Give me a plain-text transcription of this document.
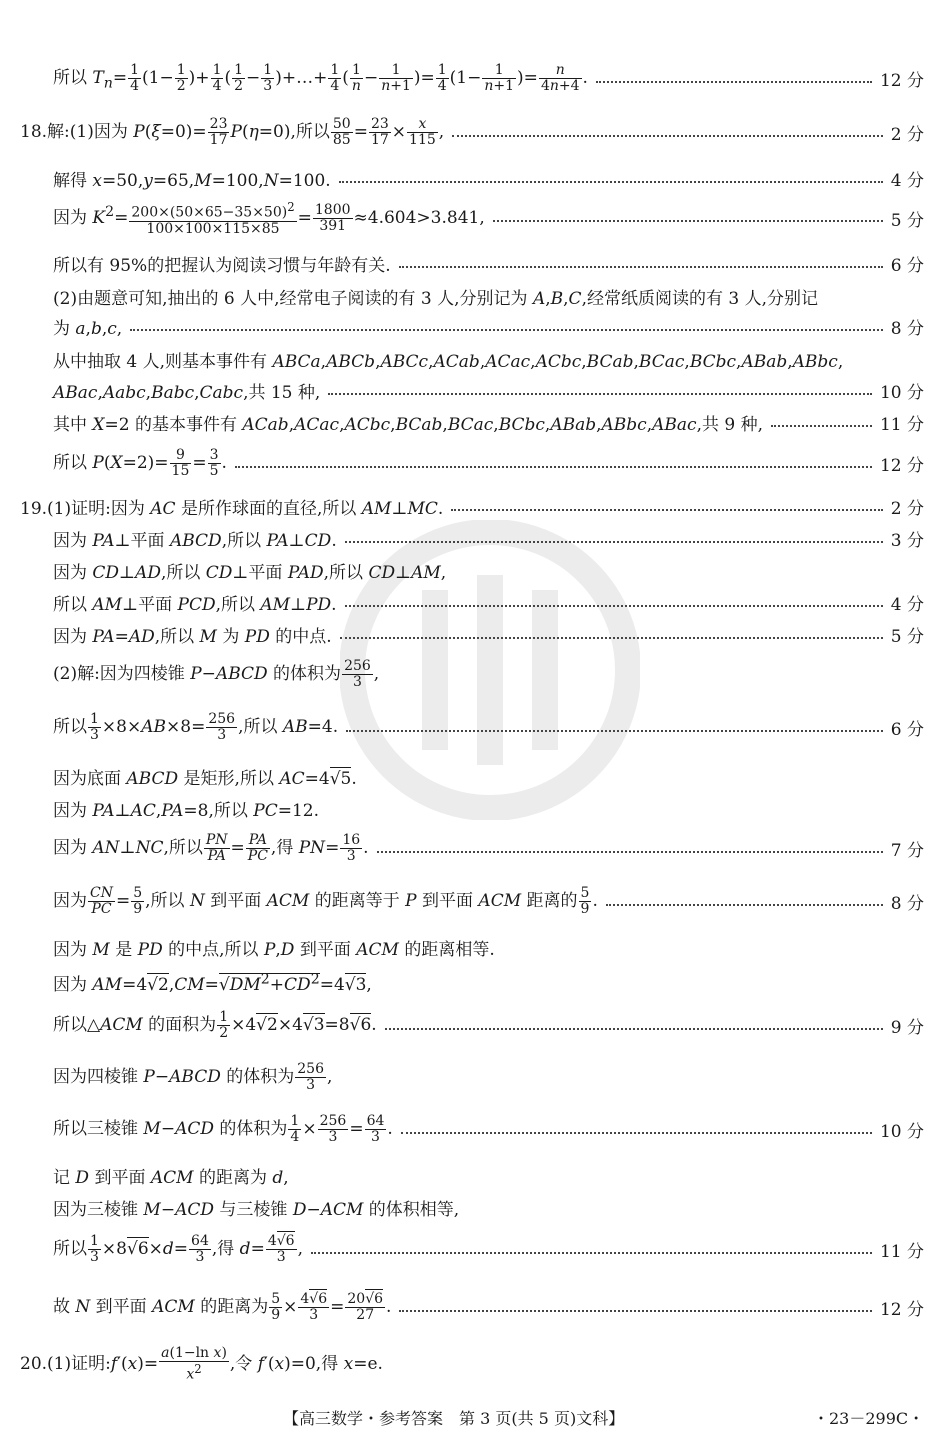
所以 $T_n= \frac{1}{4} (1- \frac{1}{2}$ )+ $\frac{1}{4}$ ( $\frac{1}{2} - \frac{1}{3}$ )+…+ $\frac{1}{4}$ ( $\frac{1}{n} - \frac{1}{n+1}$ )= $\frac{1}{4} (1- \frac{1}{n+1}$ )= $\frac{n}{4n+4}$ .	12 分
18.解:(1)因为 $P(\xi=0)= \frac{23}{17} P(\eta=0)$,所以 $\frac{50}{85} = \frac{23}{17} \times \frac{x}{115}$ ,	2 分
解得 x=50,y=65,M=100,N=100.	4 分
因为 $K^2= \frac{200\times(50\times 65-35\times 50)^2}{100\times 100\times 115\times 85} = \frac{1800}{391} \approx 4.604>3.841$,	5 分
所以有 95%的把握认为阅读习惯与年龄有关.	6 分
(2)由题意可知,抽出的 6 人中,经常电子阅读的有 3 人,分别记为 A,B,C,经常纸质阅读的有 3 人,分别记
为 a,b,c,	8 分
从中抽取 4 人,则基本事件有 ABCa,ABCb,ABCc,ACab,ACac,ACbc,BCab,BCac,BCbc,ABab,ABbc,
ABac,Aabc,Babc,Cabc,共 15 种,	10 分
其中 X=2 的基本事件有 ACab,ACac,ACbc,BCab,BCac,BCbc,ABab,ABbc,ABac,共 9 种,	11 分
所以 $P(X=2)= \frac{9}{15} = \frac{3}{5}$ .	12 分
19.(1)证明:因为 AC 是所作球面的直径,所以 AM⊥MC.	2 分
因为 PA⊥平面 ABCD,所以 PA⊥CD.	3 分
因为 CD⊥AD,所以 CD⊥平面 PAD,所以 CD⊥AM,
所以 AM⊥平面 PCD,所以 AM⊥PD.	4 分
因为 PA=AD,所以 M 为 PD 的中点.	5 分
(2)解:因为四棱锥 P−ABCD 的体积为 $\frac{256}{3}$ ,
所以 $\frac{1}{3} \times 8\times AB\times 8= \frac{256}{3}$ ,所以 AB=4.	6 分
因为底面 ABCD 是矩形,所以 AC=4√5.
因为 PA⊥AC,PA=8,所以 PC=12.
因为 AN⊥NC,所以 $\frac{PN}{PA} = \frac{PA}{PC}$ ,得 $PN= \frac{16}{3}$ .	7 分
因为 $\frac{CN}{PC} = \frac{5}{9}$ ,所以 N 到平面 ACM 的距离等于 P 到平面 ACM 距离的 $\frac{5}{9}$ .	8 分
因为 M 是 PD 的中点,所以 P,D 到平面 ACM 的距离相等.
因为 $AM=4√2,CM=√DM^2+CD^2=4√3$,
所以△ACM 的面积为 $\frac{1}{2} \times 4√2\times 4√3=8√6$.	9 分
因为四棱锥 P−ABCD 的体积为 $\frac{256}{3}$ ,
所以三棱锥 M−ACD 的体积为 $\frac{1}{4} \times \frac{256}{3} = \frac{64}{3}$ .	10 分
记 D 到平面 ACM 的距离为 d,
因为三棱锥 M−ACD 与三棱锥 D−ACM 的体积相等,
所以 $\frac{1}{3} \times 8√6\times d= \frac{64}{3}$ ,得 $d= \frac{4√6}{3}$ ,	11 分
故 N 到平面 ACM 的距离为 $\frac{5}{9} \times \frac{4√6}{3} = \frac{20√6}{27}$ .	12 分
20.(1)证明:f′(x)= $\frac{\text{a(1−ln x)}}{x^2}$ ,令 f′(x)=0,得 x=e.
【高三数学・参考答案　第 3 页(共 5 页)文科】	・23－299C・
